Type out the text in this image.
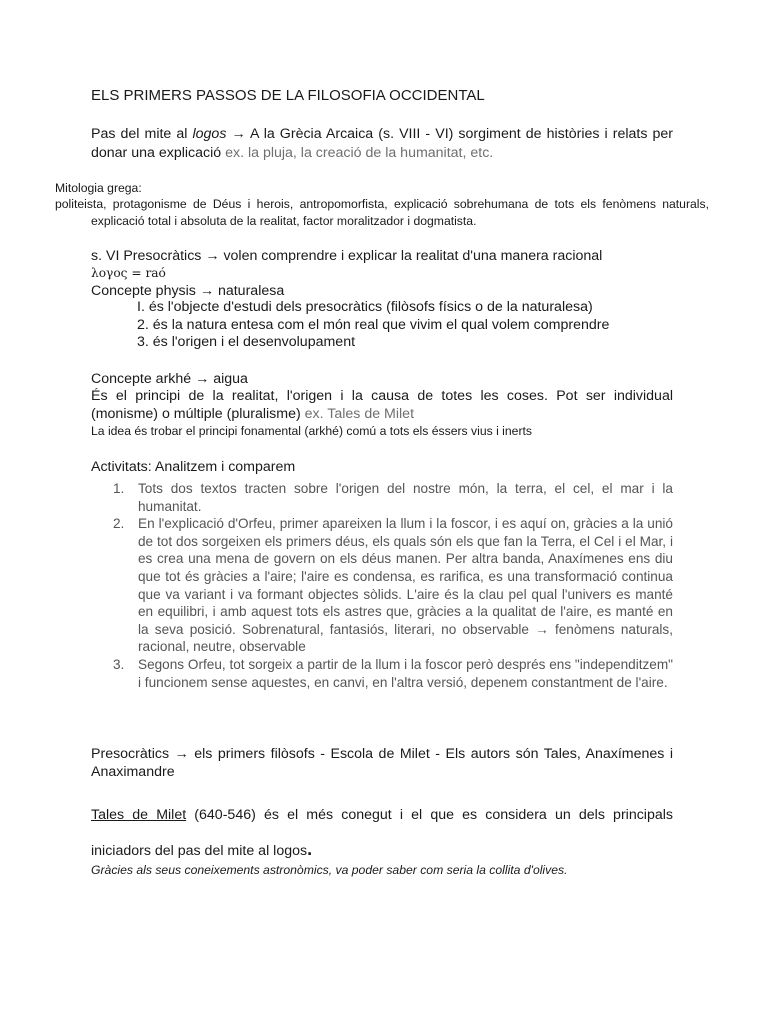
ELS PRIMERS PASSOS DE LA FILOSOFIA OCCIDENTAL

Pas del mite al logos → A la Grècia Arcaica (s. VIII - VI) sorgiment de històries i relats per donar una explicació ex. la pluja, la creació de la humanitat, etc.

Mitologia grega:

politeista, protagonisme de Déus i herois, antropomorfista, explicació sobrehumana de tots els fenòmens naturals, explicació total i absoluta de la realitat, factor moralitzador i dogmatista.

s. VI Presocràtics → volen comprendre i explicar la realitat d'una manera racional

λογος = raó

Concepte physis → naturalesa

I. és l'objecte d'estudi dels presocràtics (filòsofs físics o de la naturalesa)
2. és la natura entesa com el món real que vivim el qual volem comprendre
3. és l'origen i el desenvolupament

Concepte arkhé → aigua

És el principi de la realitat, l'origen i la causa de totes les coses. Pot ser individual (monisme) o múltiple (pluralisme) ex. Tales de Milet

La idea és trobar el principi fonamental (arkhé) comú a tots els éssers vius i inerts

Activitats: Analitzem i comparem

1. Tots dos textos tracten sobre l'origen del nostre món, la terra, el cel, el mar i la humanitat.
2. En l'explicació d'Orfeu, primer apareixen la llum i la foscor, i es aquí on, gràcies a la unió de tot dos sorgeixen els primers déus, els quals són els que fan la Terra, el Cel i el Mar, i es crea una mena de govern on els déus manen. Per altra banda, Anaxímenes ens diu que tot és gràcies a l'aire; l'aire es condensa, es rarifica, es una transformació continua que va variant i va formant objectes sòlids. L'aire és la clau pel qual l'univers es manté en equilibri, i amb aquest tots els astres que, gràcies a la qualitat de l'aire, es manté en la seva posició. Sobrenatural, fantasiós, literari, no observable → fenòmens naturals, racional, neutre, observable
3. Segons Orfeu, tot sorgeix a partir de la llum i la foscor però després ens "independitzem" i funcionem sense aquestes, en canvi, en l'altra versió, depenem constantment de l'aire.

Presocràtics → els primers filòsofs - Escola de Milet - Els autors són Tales, Anaxímenes i Anaximandre

Tales de Milet (640-546) és el més conegut i el que es considera un dels principals iniciadors del pas del mite al logos.

Gràcies als seus coneixements astronòmics, va poder saber com seria la collita d'olives.
